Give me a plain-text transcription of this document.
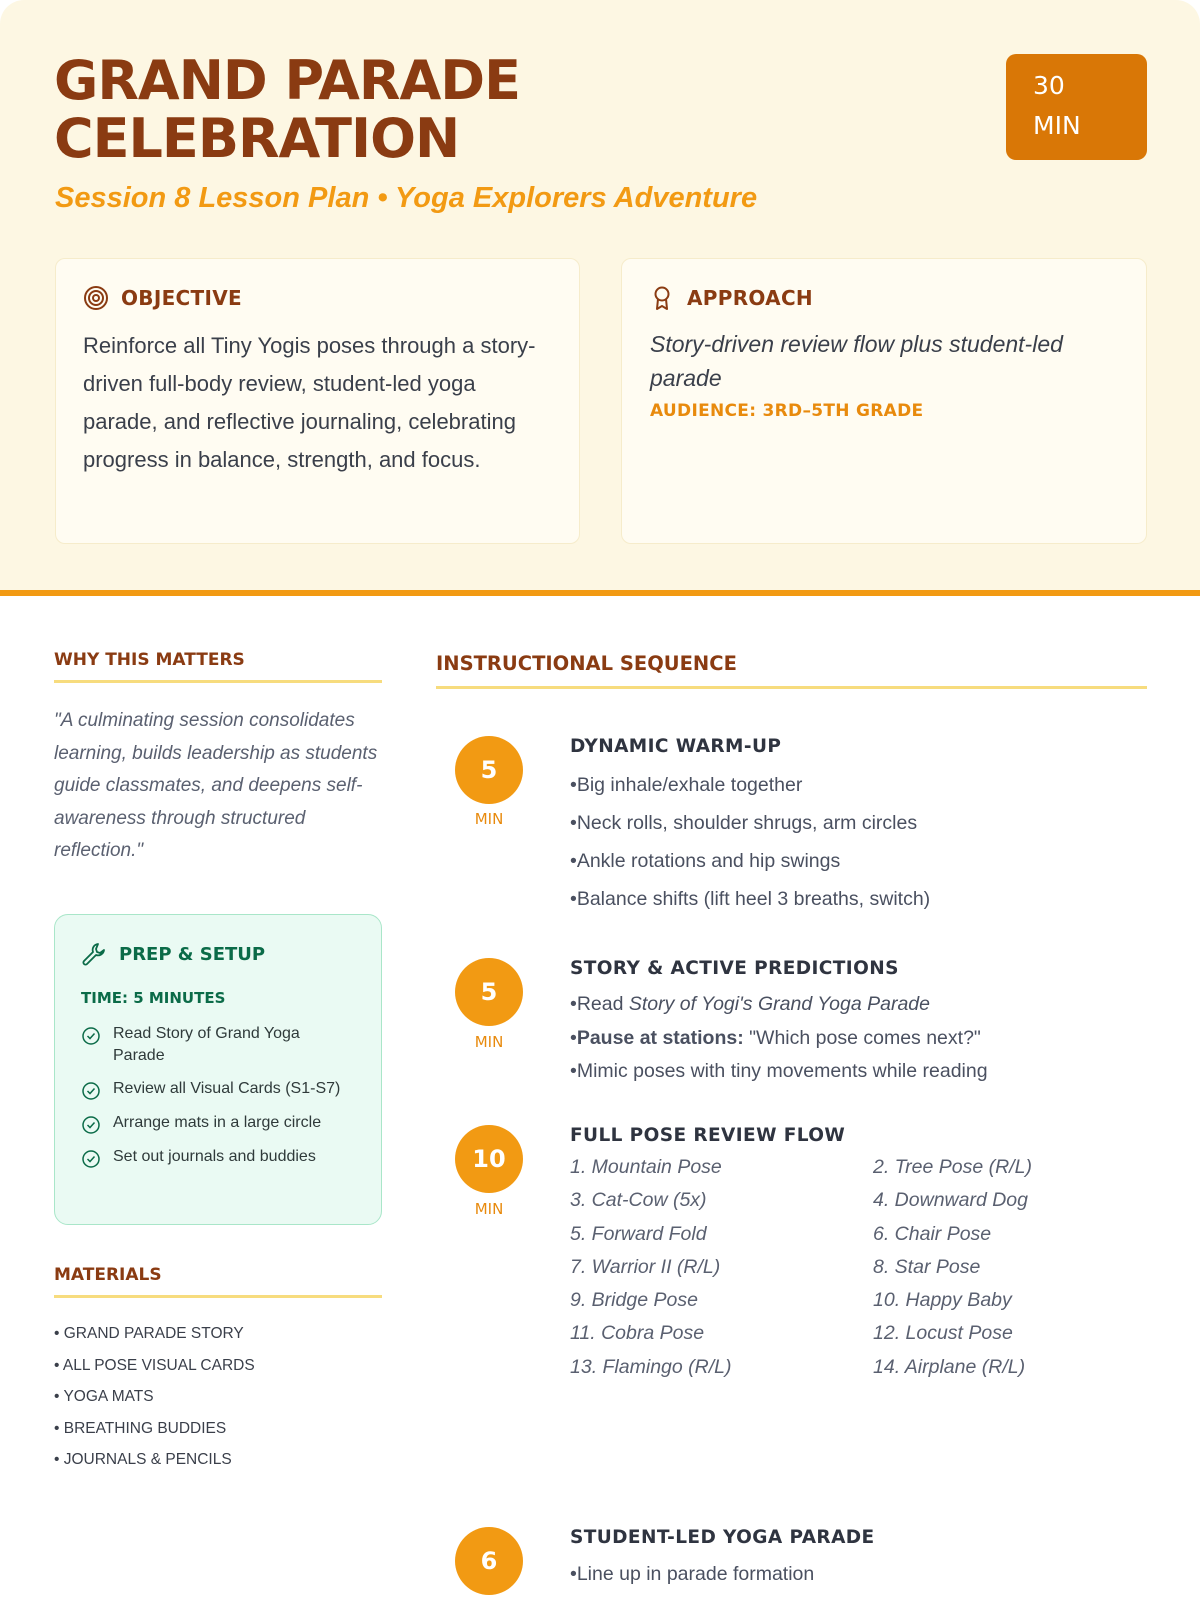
GRAND PARADE
CELEBRATION
Session 8 Lesson Plan • Yoga Explorers Adventure
30
MIN
OBJECTIVE
Reinforce all Tiny Yogis poses through a story-driven full-body review, student-led yoga parade, and reflective journaling, celebrating progress in balance, strength, and focus.
APPROACH
Story-driven review flow plus student-led parade
AUDIENCE: 3RD–5TH GRADE
WHY THIS MATTERS
"A culminating session consolidates learning, builds leadership as students guide classmates, and deepens self-awareness through structured reflection."
PREP & SETUP
TIME: 5 MINUTES
Read Story of Grand Yoga Parade
Review all Visual Cards (S1-S7)
Arrange mats in a large circle
Set out journals and buddies
MATERIALS
• GRAND PARADE STORY
• ALL POSE VISUAL CARDS
• YOGA MATS
• BREATHING BUDDIES
• JOURNALS & PENCILS
INSTRUCTIONAL SEQUENCE
5
MIN
DYNAMIC WARM-UP
• Big inhale/exhale together
• Neck rolls, shoulder shrugs, arm circles
• Ankle rotations and hip swings
• Balance shifts (lift heel 3 breaths, switch)
5
MIN
STORY & ACTIVE PREDICTIONS
• Read Story of Yogi's Grand Yoga Parade
• Pause at stations: "Which pose comes next?"
• Mimic poses with tiny movements while reading
10
MIN
FULL POSE REVIEW FLOW
1. Mountain Pose	2. Tree Pose (R/L)
3. Cat-Cow (5x)	4. Downward Dog
5. Forward Fold	6. Chair Pose
7. Warrior II (R/L)	8. Star Pose
9. Bridge Pose	10. Happy Baby
11. Cobra Pose	12. Locust Pose
13. Flamingo (R/L)	14. Airplane (R/L)
6
STUDENT-LED YOGA PARADE
• Line up in parade formation
